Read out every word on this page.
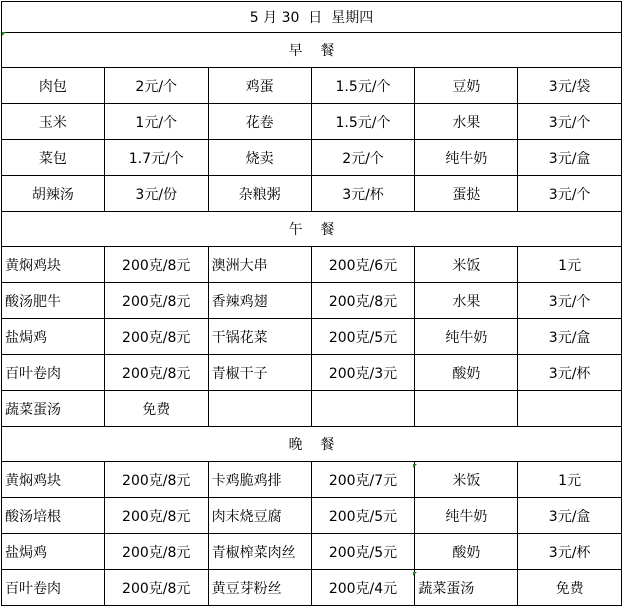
5 月 30  日  星期四					
早    餐					
肉包	2元/个	鸡蛋	1.5元/个	豆奶	3元/袋
玉米	1元/个	花卷	1.5元/个	水果	3元/个
菜包	1.7元/个	烧卖	2元/个	纯牛奶	3元/盒
胡辣汤	3元/份	杂粮粥	3元/杯	蛋挞	3元/个
午    餐					
黄焖鸡块	200克/8元	澳洲大串	200克/6元	米饭	1元
酸汤肥牛	200克/8元	香辣鸡翅	200克/8元	水果	3元/个
盐焗鸡	200克/8元	干锅花菜	200克/5元	纯牛奶	3元/盒
百叶卷肉	200克/8元	青椒干子	200克/3元	酸奶	3元/杯
蔬菜蛋汤	免费				
晚    餐					
黄焖鸡块	200克/8元	卡鸡脆鸡排	200克/7元	米饭	1元
酸汤培根	200克/8元	肉末烧豆腐	200克/5元	纯牛奶	3元/盒
盐焗鸡	200克/8元	青椒榨菜肉丝	200克/5元	酸奶	3元/杯
百叶卷肉	200克/8元	黄豆芽粉丝	200克/4元	蔬菜蛋汤	免费
